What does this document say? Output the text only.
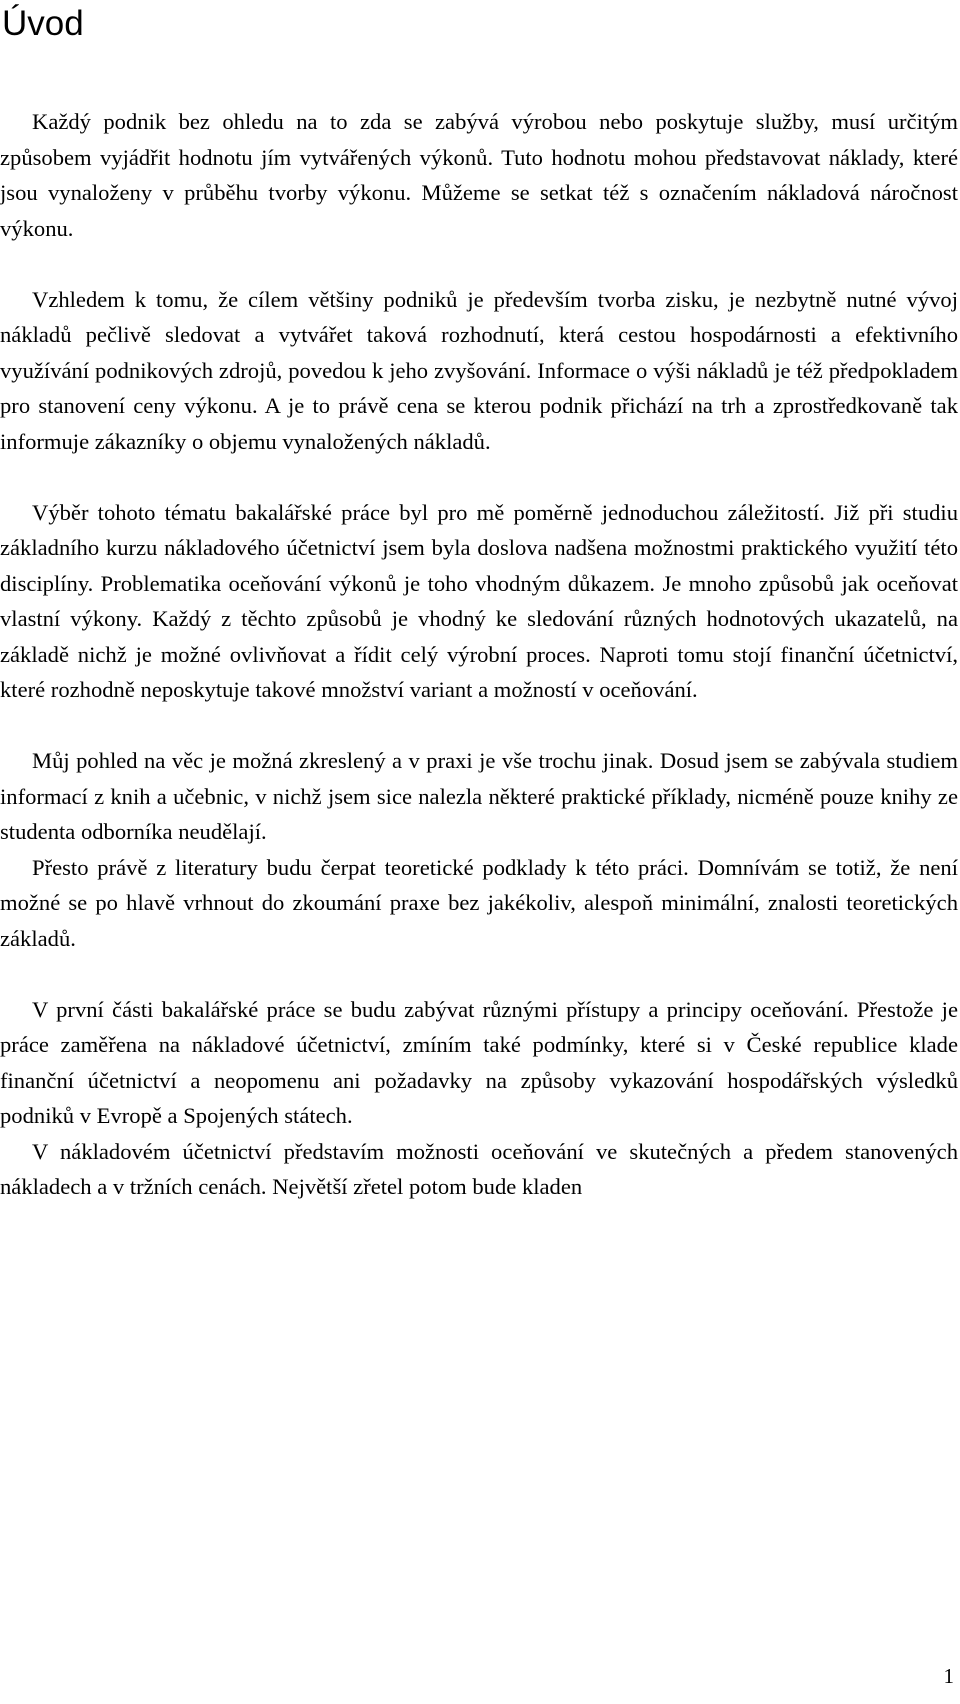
Úvod

Každý podnik bez ohledu na to zda se zabývá výrobou nebo poskytuje služby, musí určitým způsobem vyjádřit hodnotu jím vytvářených výkonů. Tuto hodnotu mohou představovat náklady, které jsou vynaloženy v průběhu tvorby výkonu. Můžeme se setkat též s označením nákladová náročnost výkonu.

Vzhledem k tomu, že cílem většiny podniků je především tvorba zisku, je nezbytně nutné vývoj nákladů pečlivě sledovat a vytvářet taková rozhodnutí, která cestou hospodárnosti a efektivního využívání podnikových zdrojů, povedou k jeho zvyšování. Informace o výši nákladů je též předpokladem pro stanovení ceny výkonu. A je to právě cena se kterou podnik přichází na trh a zprostředkovaně tak informuje zákazníky o objemu vynaložených nákladů.

Výběr tohoto tématu bakalářské práce byl pro mě poměrně jednoduchou záležitostí. Již při studiu základního kurzu nákladového účetnictví jsem byla doslova nadšena možnostmi praktického využití této disciplíny. Problematika oceňování výkonů je toho vhodným důkazem. Je mnoho způsobů jak oceňovat vlastní výkony. Každý z těchto způsobů je vhodný ke sledování různých hodnotových ukazatelů, na základě nichž je možné ovlivňovat a řídit celý výrobní proces. Naproti tomu stojí finanční účetnictví, které rozhodně neposkytuje takové množství variant a možností v oceňování.

Můj pohled na věc je možná zkreslený a v praxi je vše trochu jinak. Dosud jsem se zabývala studiem informací z knih a učebnic, v nichž jsem sice nalezla některé praktické příklady, nicméně pouze knihy ze studenta odborníka neudělají.

Přesto právě z literatury budu čerpat teoretické podklady k této práci. Domnívám se totiž, že není možné se po hlavě vrhnout do zkoumání praxe bez jakékoliv, alespoň minimální, znalosti teoretických základů.

V první části bakalářské práce se budu zabývat různými přístupy a principy oceňování. Přestože je práce zaměřena na nákladové účetnictví, zmíním také podmínky, které si v České republice klade finanční účetnictví a neopomenu ani požadavky na způsoby vykazování hospodářských výsledků podniků v Evropě a Spojených státech.

V nákladovém účetnictví představím možnosti oceňování ve skutečných a předem stanovených nákladech a v tržních cenách. Největší zřetel potom bude kladen

1
